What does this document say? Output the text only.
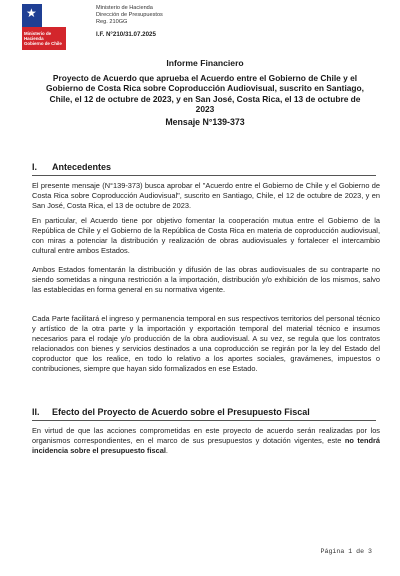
★
Ministerio de
Hacienda
Gobierno de Chile
Ministerio de Hacienda
Dirección de Presupuestos
Reg. 210GG
I.F. N°210/31.07.2025
Informe Financiero
Proyecto de Acuerdo que aprueba el Acuerdo entre el Gobierno de Chile y el Gobierno de Costa Rica sobre Coproducción Audiovisual, suscrito en Santiago, Chile, el 12 de octubre de 2023, y en San José, Costa Rica, el 13 de octubre de 2023
Mensaje N°139-373
I. Antecedentes
El presente mensaje (N°139-373) busca aprobar el "Acuerdo entre el Gobierno de Chile y el Gobierno de Costa Rica sobre Coproducción Audiovisual", suscrito en Santiago, Chile, el 12 de octubre de 2023, y en San José, Costa Rica, el 13 de octubre de 2023.
En particular, el Acuerdo tiene por objetivo fomentar la cooperación mutua entre el Gobierno de la República de Chile y el Gobierno de la República de Costa Rica en materia de coproducción audiovisual, con miras a potenciar la distribución y realización de obras audiovisuales y fortalecer el intercambio cultural entre ambos Estados.
Ambos Estados fomentarán la distribución y difusión de las obras audiovisuales de su contraparte no siendo sometidas a ninguna restricción a la importación, distribución y/o exhibición de los mismos, salvo las establecidas en forma general en su normativa vigente.
Cada Parte facilitará el ingreso y permanencia temporal en sus respectivos territorios del personal técnico y artístico de la otra parte y la importación y exportación temporal del material técnico e insumos necesarios para el rodaje y/o producción de la obra audiovisual. A su vez, se regula que los contratos relacionados con bienes y servicios destinados a una coproducción se regirán por la ley del Estado del coproductor que los realice, en todo lo relativo a los aportes sociales, gravámenes, impuestos o contribuciones, siempre que hayan sido formalizados en ese Estado.
II. Efecto del Proyecto de Acuerdo sobre el Presupuesto Fiscal
En virtud de que las acciones comprometidas en este proyecto de acuerdo serán realizadas por los organismos correspondientes, en el marco de sus presupuestos y dotación vigentes, este no tendrá incidencia sobre el presupuesto fiscal.
Página 1 de 3
